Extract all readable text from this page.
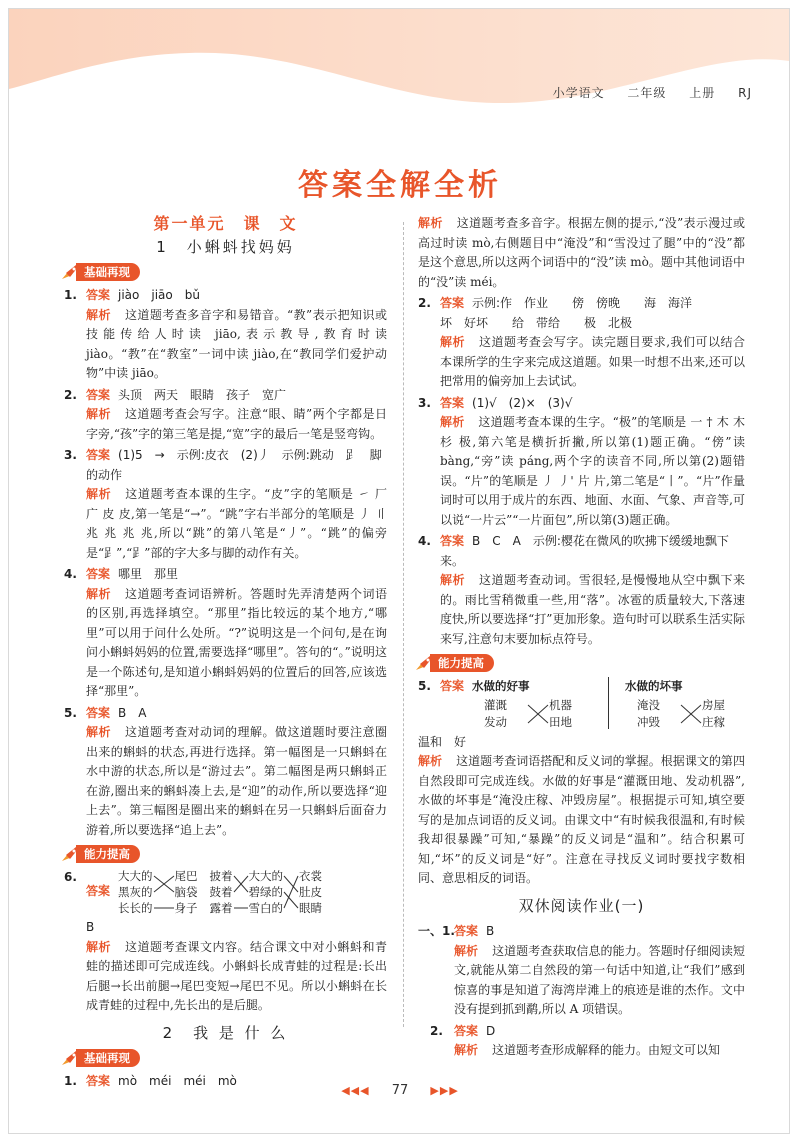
小学语文 二年级 上册 RJ
答案全解全析
第一单元　课　文
1　小蝌蚪找妈妈
基础再现
1. 答案 jiào　jiāo　bǔ
解析 这道题考查多音字和易错音。“教”表示把知识或技能传给人时读 jiāo,表示教导,教育时读 jiào。“教”在“教室”一词中读 jiào,在“教同学们爱护动物”中读 jiāo。
2. 答案 头顶　两天　眼睛　孩子　宽广
解析 这道题考查会写字。注意“眼、睛”两个字都是日字旁,“孩”字的第三笔是提,“宽”字的最后一笔是竖弯钩。
3. 答案 (1)5　→　示例:皮衣　(2)丿　示例:跳动　𧾷　脚的动作
解析 这道题考查本课的生字。“皮”字的笔顺是 ㇀ 厂 广 皮 皮,第一笔是“→”。“跳”字右半部分的笔顺是 丿 〢 兆 兆 兆 兆,所以“跳”的第八笔是“丿”。“跳”的偏旁是“𧾷”,“𧾷”部的字大多与脚的动作有关。
4. 答案 哪里　那里
解析 这道题考查词语辨析。答题时先弄清楚两个词语的区别,再选择填空。“那里”指比较远的某个地方,“哪里”可以用于问什么处所。“?”说明这是一个问句,是在询问小蝌蚪妈妈的位置,需要选择“哪里”。答句的“。”说明这是一个陈述句,是知道小蝌蚪妈妈的位置后的回答,应该选择“那里”。
5. 答案 B　A
解析 这道题考查对动词的理解。做这道题时要注意圈出来的蝌蚪的状态,再进行选择。第一幅图是一只蝌蚪在水中游的状态,所以是“游过去”。第二幅图是两只蝌蚪正在游,圈出来的蝌蚪凑上去,是“迎”的动作,所以要选择“迎上去”。第三幅图是圈出来的蝌蚪在另一只蝌蚪后面奋力游着,所以要选择“追上去”。
能力提高
6.
答案
大大的 尾巴
黑灰的 脑袋
长长的 身子
披着 大大的 衣裳
鼓着 碧绿的 肚皮
露着 雪白的 眼睛
B
解析 这道题考查课文内容。结合课文中对小蝌蚪和青蛙的描述即可完成连线。小蝌蚪长成青蛙的过程是:长出后腿→长出前腿→尾巴变短→尾巴不见。所以小蝌蚪在长成青蛙的过程中,先长出的是后腿。
2　我 是 什 么
基础再现
1. 答案 mò　méi　méi　mò
解析 这道题考查多音字。根据左侧的提示,“没”表示漫过或高过时读 mò,右侧题目中“淹没”和“雪没过了腿”中的“没”都是这个意思,所以这两个词语中的“没”读 mò。题中其他词语中的“没”读 méi。
2. 答案 示例:作　作业　　傍　傍晚　　海　海洋
坏　好坏　　给　带给　　极　北极
解析 这道题考查会写字。读完题目要求,我们可以结合本课所学的生字来完成这道题。如果一时想不出来,还可以把常用的偏旁加上去试试。
3. 答案 (1)√　(2)×　(3)√
解析 这道题考查本课的生字。“极”的笔顺是 一 † 木 木 杉 极,第六笔是横折折撇,所以第(1)题正确。“傍”读 bàng,“旁”读 páng,两个字的读音不同,所以第(2)题错误。“片”的笔顺是 丿 丿' 片 片,第二笔是“丨”。“片”作量词时可以用于成片的东西、地面、水面、气象、声音等,可以说“一片云”“一片面包”,所以第(3)题正确。
4. 答案 B　C　A　示例:樱花在微风的吹拂下缓缓地飘下来。
解析 这道题考查动词。雪很轻,是慢慢地从空中飘下来的。雨比雪稍微重一些,用“落”。冰雹的质量较大,下落速度快,所以要选择“打”更加形象。造句时可以联系生活实际来写,注意句末要加标点符号。
能力提高
5. 答案 水做的好事
灌溉	机器
发动	田地
水做的坏事
淹没	房屋
冲毁	庄稼
温和　好
解析 这道题考查词语搭配和反义词的掌握。根据课文的第四自然段即可完成连线。水做的好事是“灌溉田地、发动机器”,水做的坏事是“淹没庄稼、冲毁房屋”。根据提示可知,填空要写的是加点词语的反义词。由课文中“有时候我很温和,有时候我却很暴躁”可知,“暴躁”的反义词是“温和”。结合积累可知,“坏”的反义词是“好”。注意在寻找反义词时要找字数相同、意思相反的词语。
双休阅读作业(一)
一、1. 答案 B
解析 这道题考查获取信息的能力。答题时仔细阅读短文,就能从第二自然段的第一句话中知道,让“我们”感到惊喜的事是知道了海湾岸滩上的痕迹是谁的杰作。文中没有提到抓到鹬,所以 A 项错误。
2. 答案 D
解析 这道题考查形成解释的能力。由短文可以知
◀◀◀ 77 ▶▶▶
